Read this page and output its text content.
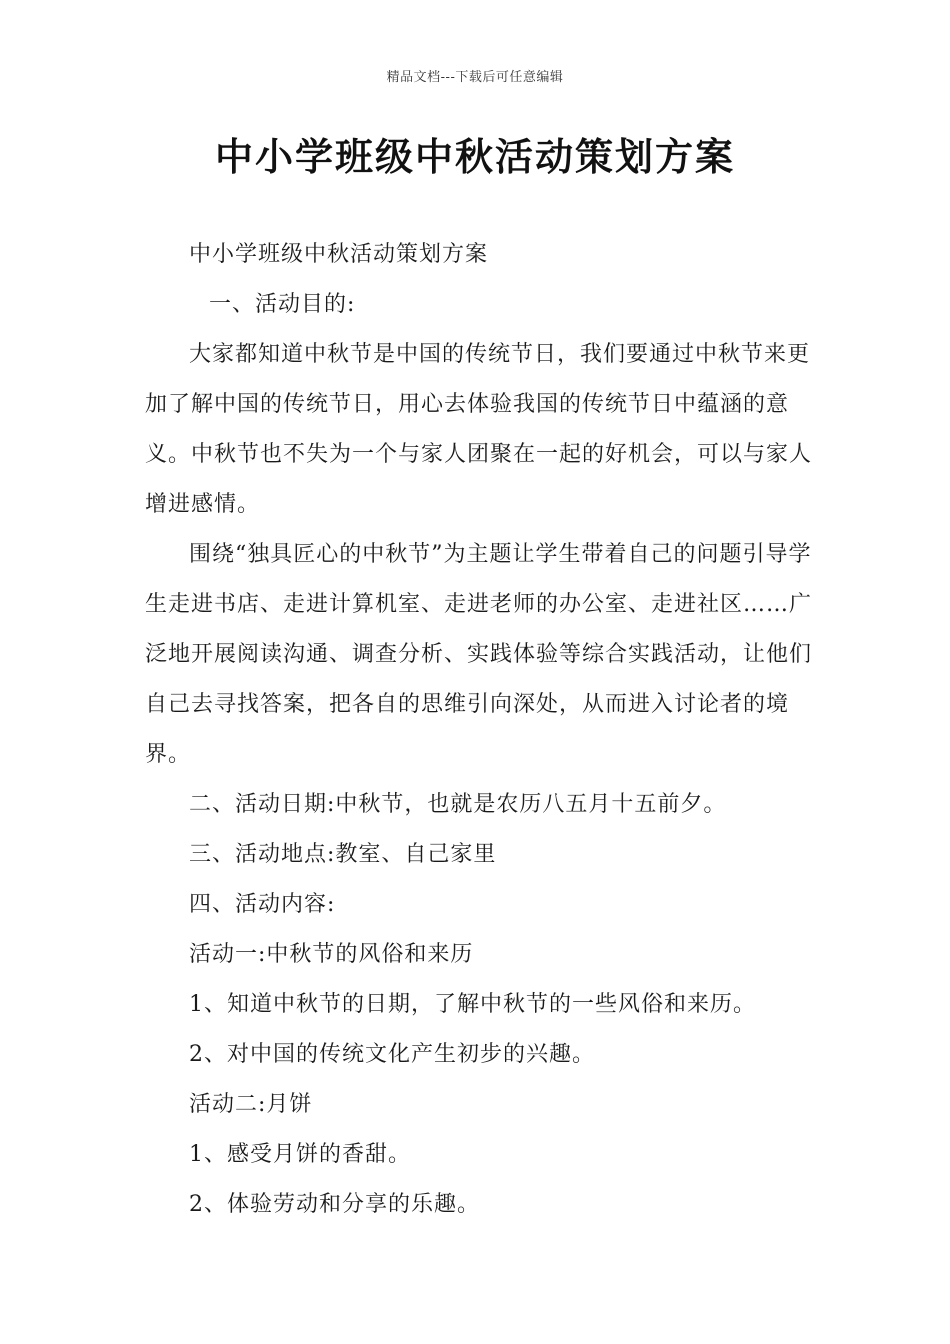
精品文档---下载后可任意编辑
中小学班级中秋活动策划方案

中小学班级中秋活动策划方案

一、活动目的:

大家都知道中秋节是中国的传统节日，我们要通过中秋节来更加了解中国的传统节日，用心去体验我国的传统节日中蕴涵的意义。中秋节也不失为一个与家人团聚在一起的好机会，可以与家人增进感情。

围绕“独具匠心的中秋节”为主题让学生带着自己的问题引导学生走进书店、走进计算机室、走进老师的办公室、走进社区……广泛地开展阅读沟通、调查分析、实践体验等综合实践活动，让他们自己去寻找答案，把各自的思维引向深处，从而进入讨论者的境界。

二、活动日期:中秋节，也就是农历八五月十五前夕。

三、活动地点:教室、自己家里

四、活动内容:

活动一:中秋节的风俗和来历

1、知道中秋节的日期，了解中秋节的一些风俗和来历。

2、对中国的传统文化产生初步的兴趣。

活动二:月饼

1、感受月饼的香甜。

2、体验劳动和分享的乐趣。
